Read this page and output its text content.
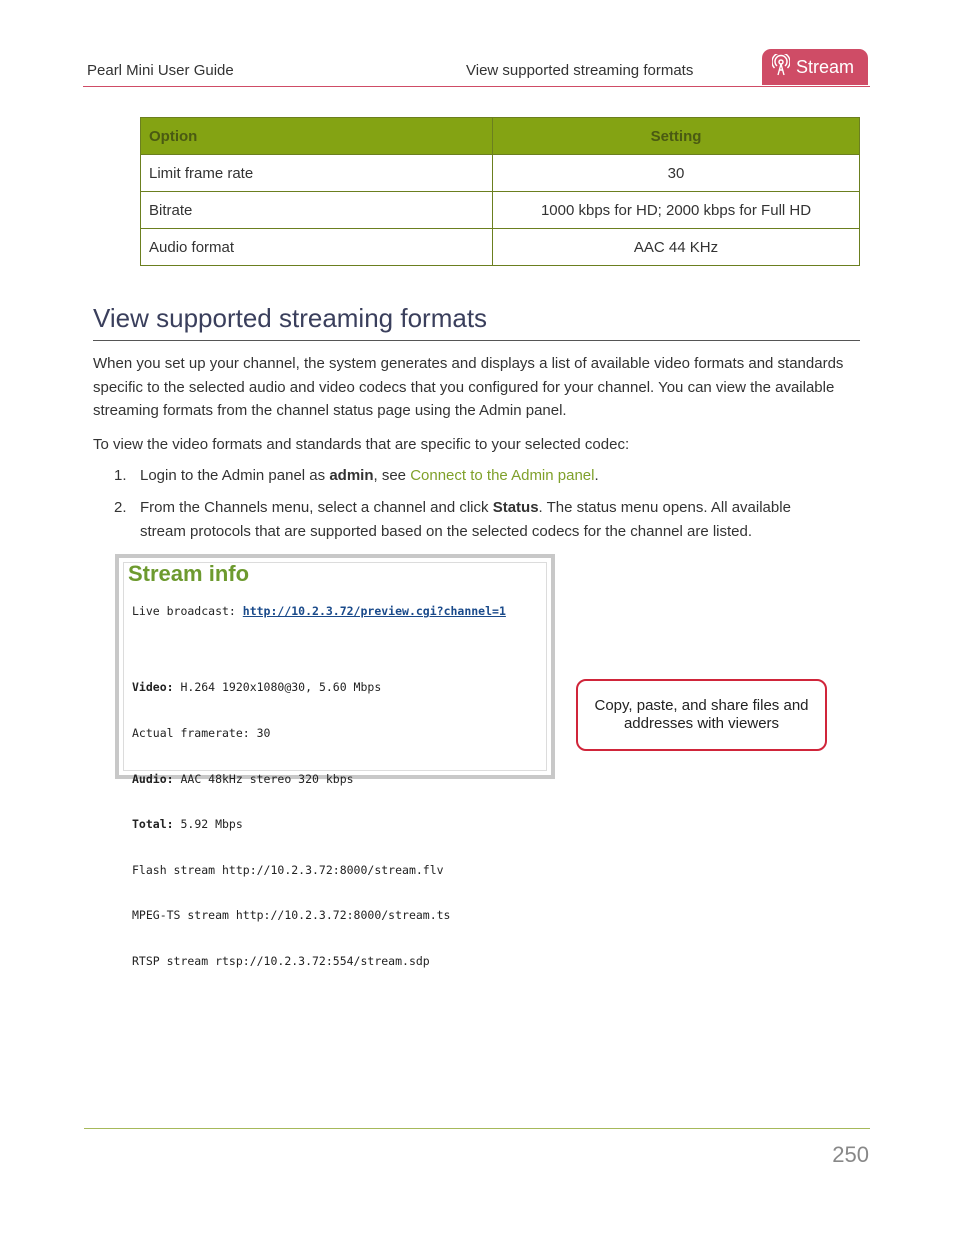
Pearl Mini User Guide	View supported streaming formats	Stream
Option	Setting
Limit frame rate	30
Bitrate	1000 kbps for HD; 2000 kbps for Full HD
Audio format	AAC 44 KHz
View supported streaming formats
When you set up your channel, the system generates and displays a list of available video formats and standards specific to the selected audio and video codecs that you configured for your channel. You can view the available streaming formats from the channel status page using the Admin panel.
To view the video formats and standards that are specific to your selected codec:
1. Login to the Admin panel as admin, see Connect to the Admin panel.
2. From the Channels menu, select a channel and click Status. The status menu opens. All available stream protocols that are supported based on the selected codecs for the channel are listed.
Stream info
Live broadcast: http://10.2.3.72/preview.cgi?channel=1

Video: H.264 1920x1080@30, 5.60 Mbps

Actual framerate: 30

Audio: AAC 48kHz stereo 320 kbps

Total: 5.92 Mbps

Flash stream http://10.2.3.72:8000/stream.flv

MPEG-TS stream http://10.2.3.72:8000/stream.ts

RTSP stream rtsp://10.2.3.72:554/stream.sdp

Copy, paste, and share files and addresses with viewers
250
